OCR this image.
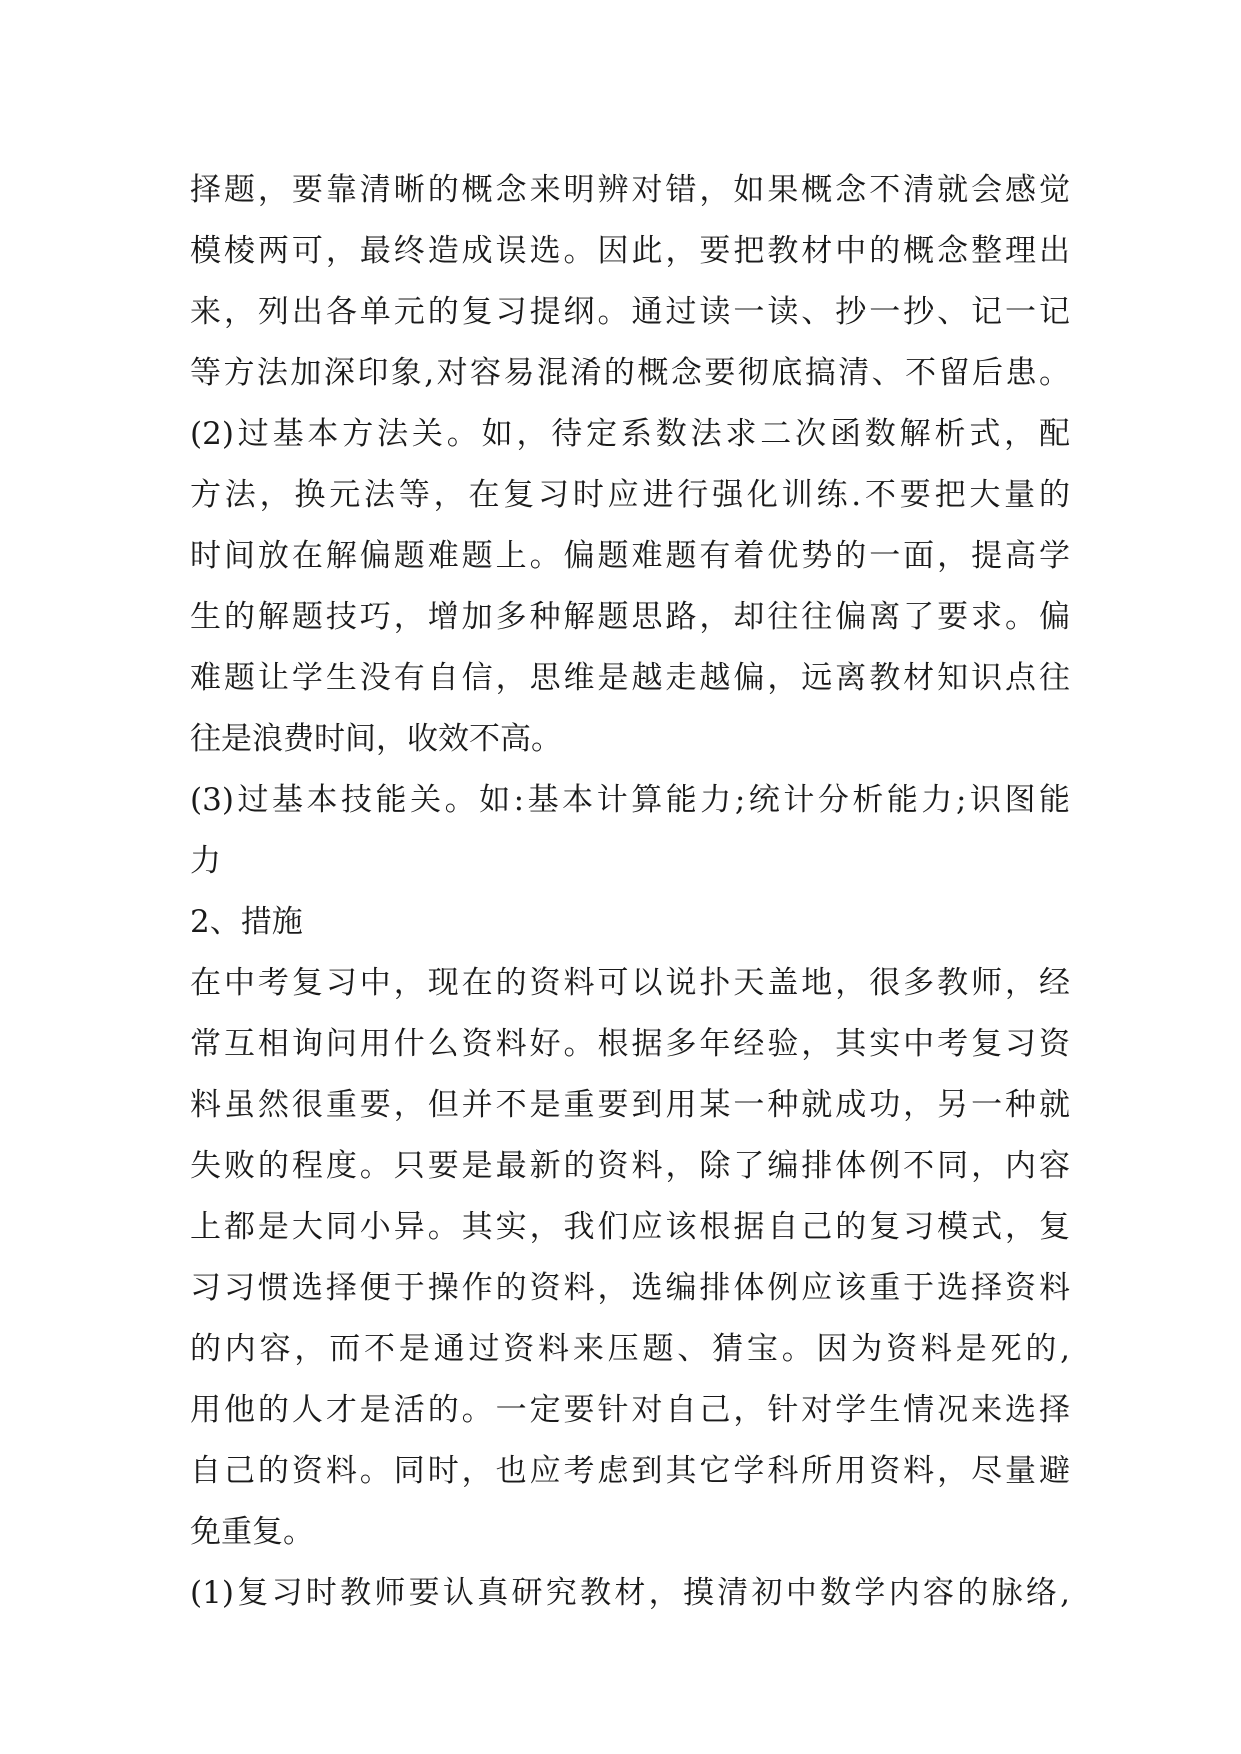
择题，要靠清晰的概念来明辨对错，如果概念不清就会感觉
模棱两可，最终造成误选。因此，要把教材中的概念整理出
来，列出各单元的复习提纲。通过读一读、抄一抄、记一记
等方法加深印象,对容易混淆的概念要彻底搞清、不留后患。
(2)过基本方法关。如，待定系数法求二次函数解析式，配
方法，换元法等，在复习时应进行强化训练.不要把大量的
时间放在解偏题难题上。偏题难题有着优势的一面，提高学
生的解题技巧，增加多种解题思路，却往往偏离了要求。偏
难题让学生没有自信，思维是越走越偏，远离教材知识点往
往是浪费时间，收效不高。
(3)过基本技能关。如:基本计算能力;统计分析能力;识图能
力
2、措施
在中考复习中，现在的资料可以说扑天盖地，很多教师，经
常互相询问用什么资料好。根据多年经验，其实中考复习资
料虽然很重要，但并不是重要到用某一种就成功，另一种就
失败的程度。只要是最新的资料，除了编排体例不同，内容
上都是大同小异。其实，我们应该根据自己的复习模式，复
习习惯选择便于操作的资料，选编排体例应该重于选择资料
的内容，而不是通过资料来压题、猜宝。因为资料是死的,
用他的人才是活的。一定要针对自己，针对学生情况来选择
自己的资料。同时，也应考虑到其它学科所用资料，尽量避
免重复。
(1)复习时教师要认真研究教材，摸清初中数学内容的脉络,
